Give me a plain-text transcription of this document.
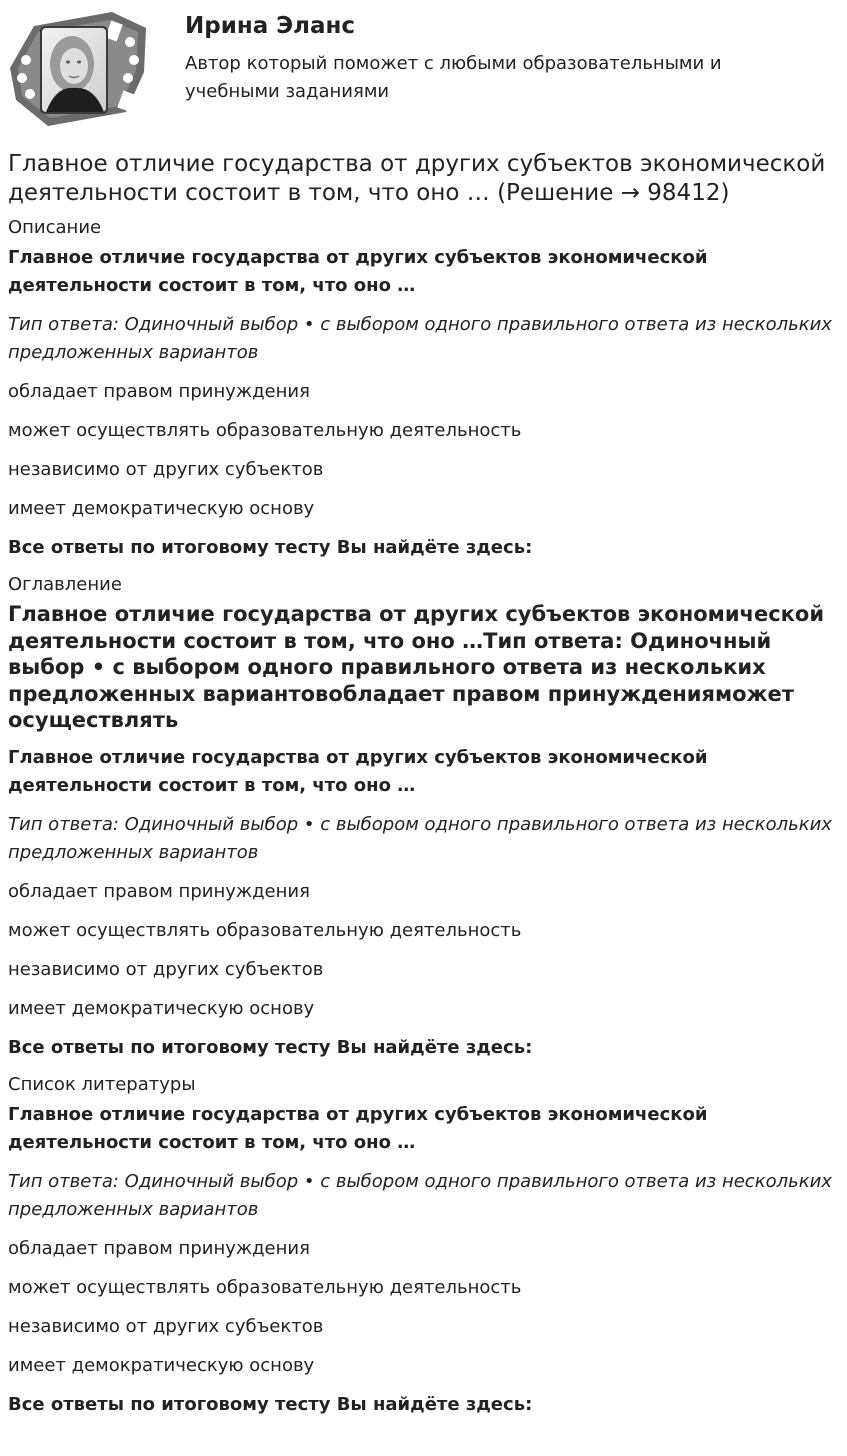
Ирина Эланс

Автор который поможет с любыми образовательными и учебными заданиями

Главное отличие государства от других субъектов экономической деятельности состоит в том, что оно … (Решение → 98412)

Описание

Главное отличие государства от других субъектов экономической деятельности состоит в том, что оно …

Тип ответа: Одиночный выбор • с выбором одного правильного ответа из нескольких предложенных вариантов

обладает правом принуждения

может осуществлять образовательную деятельность

независимо от других субъектов

имеет демократическую основу

Все ответы по итоговому тесту Вы найдёте здесь:

Оглавление

Главное отличие государства от других субъектов экономической деятельности состоит в том, что оно …Тип ответа: Одиночный выбор • с выбором одного правильного ответа из нескольких предложенных вариантовобладает правом принужденияможет осуществлять

Главное отличие государства от других субъектов экономической деятельности состоит в том, что оно …

Тип ответа: Одиночный выбор • с выбором одного правильного ответа из нескольких предложенных вариантов

обладает правом принуждения

может осуществлять образовательную деятельность

независимо от других субъектов

имеет демократическую основу

Все ответы по итоговому тесту Вы найдёте здесь:

Список литературы

Главное отличие государства от других субъектов экономической деятельности состоит в том, что оно …

Тип ответа: Одиночный выбор • с выбором одного правильного ответа из нескольких предложенных вариантов

обладает правом принуждения

может осуществлять образовательную деятельность

независимо от других субъектов

имеет демократическую основу

Все ответы по итоговому тесту Вы найдёте здесь:
